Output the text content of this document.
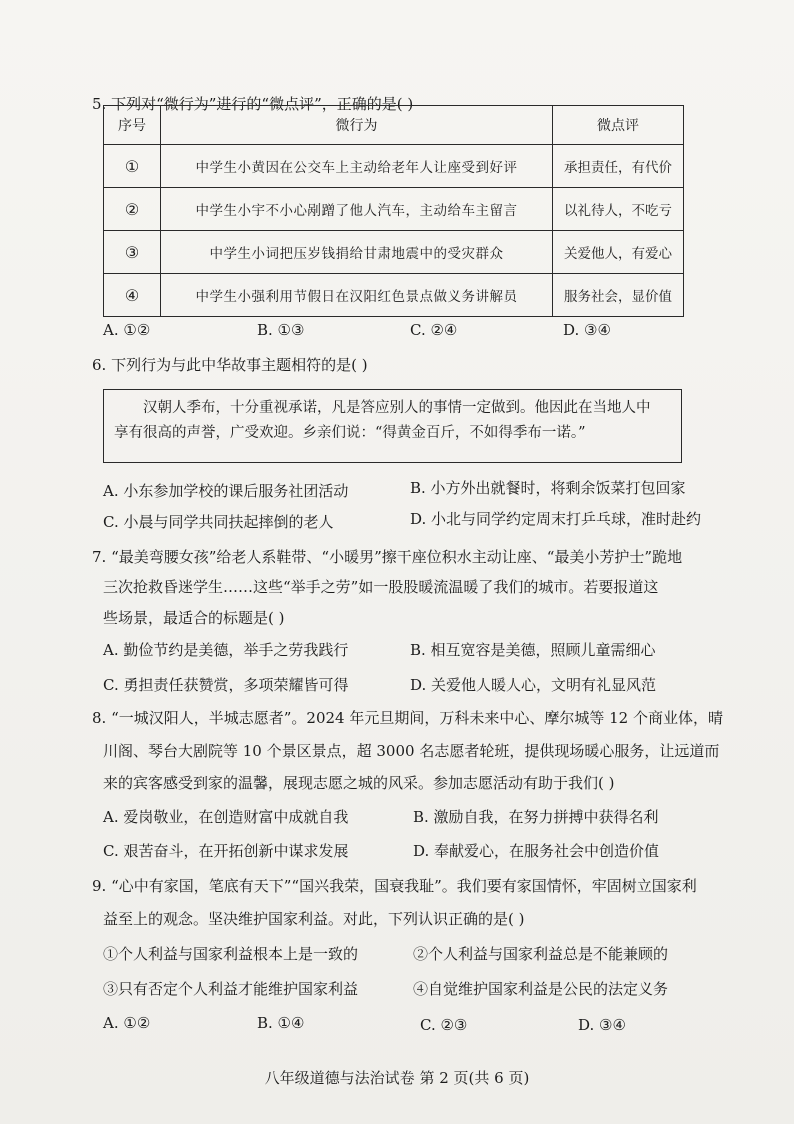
5. 下列对“微行为”进行的“微点评”，正确的是( )
序号	微行为	微点评
①	中学生小黄因在公交车上主动给老年人让座受到好评	承担责任，有代价
②	中学生小宇不小心剐蹭了他人汽车，主动给车主留言	以礼待人，不吃亏
③	中学生小词把压岁钱捐给甘肃地震中的受灾群众	关爱他人，有爱心
④	中学生小强利用节假日在汉阳红色景点做义务讲解员	服务社会，显价值
A. ①②	B. ①③	C. ②④	D. ③④
6. 下列行为与此中华故事主题相符的是( )

汉朝人季布，十分重视承诺，凡是答应别人的事情一定做到。他因此在当地人中

享有很高的声誉，广受欢迎。乡亲们说：“得黄金百斤，不如得季布一诺。”

A. 小东参加学校的课后服务社团活动	B. 小方外出就餐时，将剩余饭菜打包回家
C. 小晨与同学共同扶起摔倒的老人	D. 小北与同学约定周末打乒乓球，准时赴约
7. “最美弯腰女孩”给老人系鞋带、“小暖男”擦干座位积水主动让座、“最美小芳护士”跪地
三次抢救昏迷学生……这些“举手之劳”如一股股暖流温暖了我们的城市。若要报道这
些场景，最适合的标题是( )
A. 勤俭节约是美德，举手之劳我践行	B. 相互宽容是美德，照顾儿童需细心
C. 勇担责任获赞赏，多项荣耀皆可得	D. 关爱他人暖人心，文明有礼显风范
8. “一城汉阳人，半城志愿者”。2024 年元旦期间，万科未来中心、摩尔城等 12 个商业体，晴
川阁、琴台大剧院等 10 个景区景点，超 3000 名志愿者轮班，提供现场暖心服务，让远道而
来的宾客感受到家的温馨，展现志愿之城的风采。参加志愿活动有助于我们( )
A. 爱岗敬业，在创造财富中成就自我	B. 激励自我，在努力拼搏中获得名利
C. 艰苦奋斗，在开拓创新中谋求发展	D. 奉献爱心，在服务社会中创造价值
9. “心中有家国，笔底有天下”“国兴我荣，国衰我耻”。我们要有家国情怀，牢固树立国家利
益至上的观念。坚决维护国家利益。对此，下列认识正确的是( )
①个人利益与国家利益根本上是一致的	②个人利益与国家利益总是不能兼顾的
③只有否定个人利益才能维护国家利益	④自觉维护国家利益是公民的法定义务
A. ①②	B. ①④	C. ②③	D. ③④
八年级道德与法治试卷 第 2 页(共 6 页)
